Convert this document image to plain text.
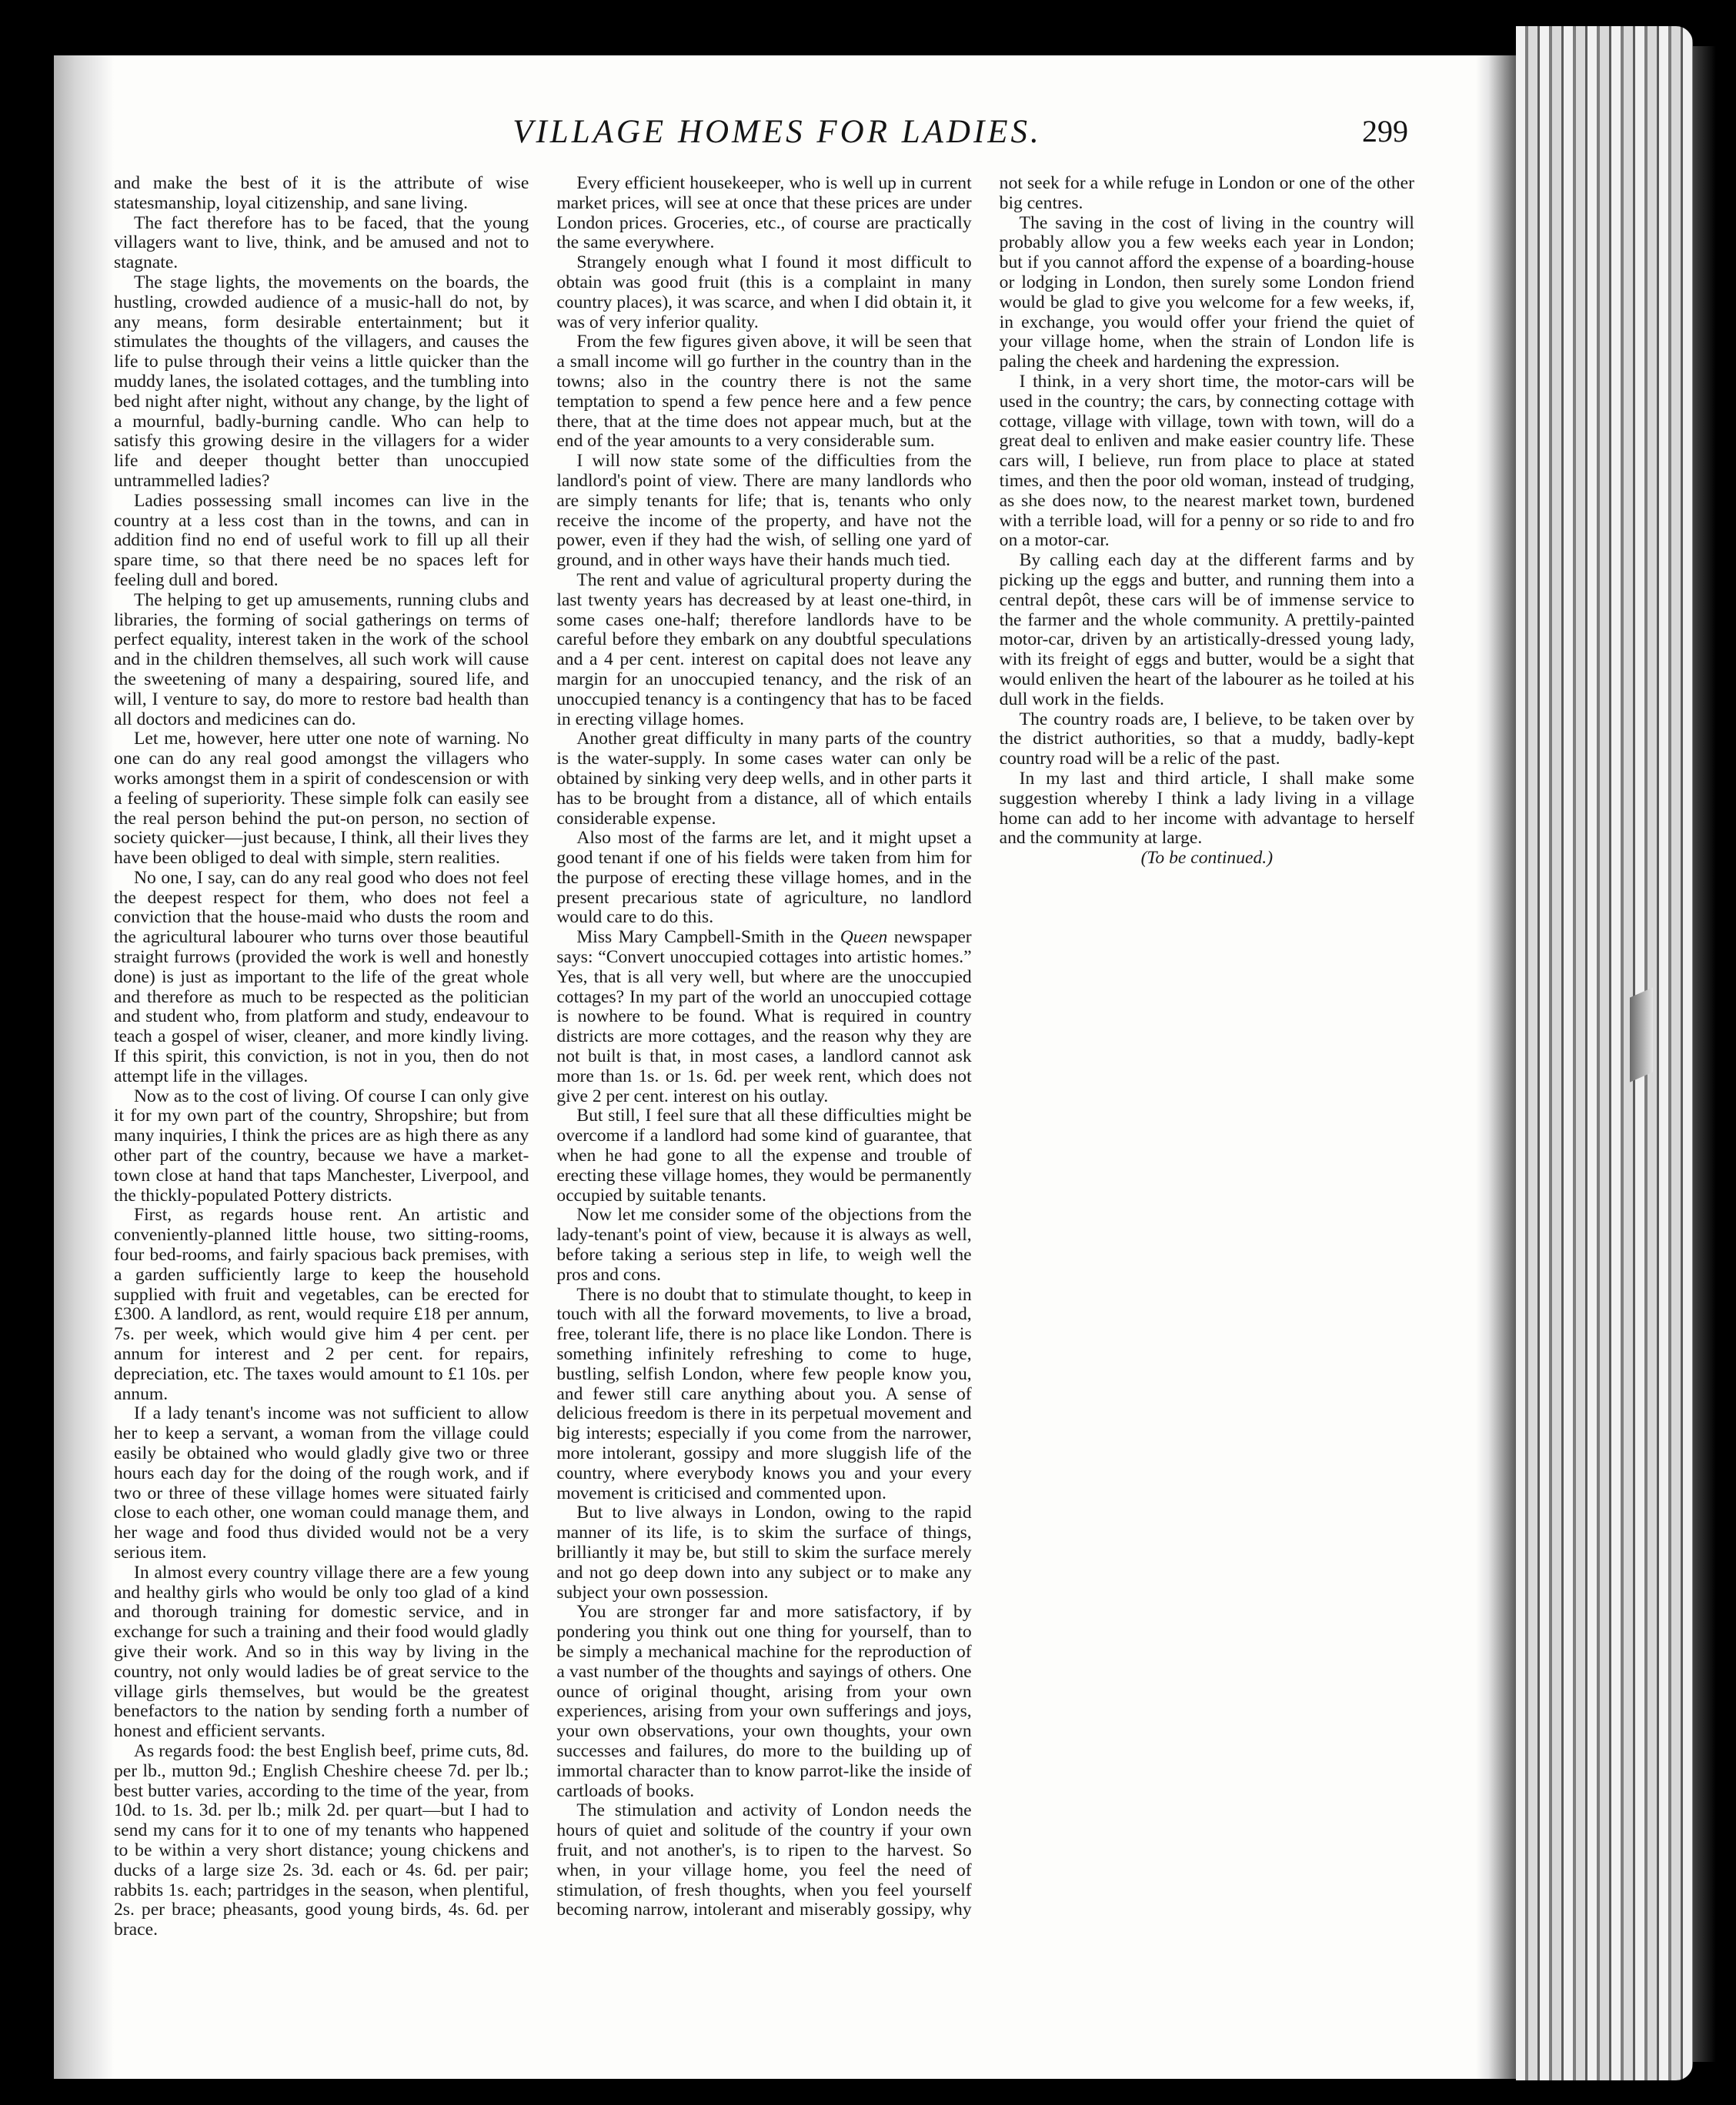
VILLAGE HOMES FOR LADIES.	299

and make the best of it is the attribute of wise statesmanship, loyal citizenship, and sane living.

The fact therefore has to be faced, that the young villagers want to live, think, and be amused and not to stagnate.

The stage lights, the movements on the boards, the hustling, crowded audience of a music-hall do not, by any means, form desirable entertainment; but it stimulates the thoughts of the villagers, and causes the life to pulse through their veins a little quicker than the muddy lanes, the isolated cottages, and the tumbling into bed night after night, without any change, by the light of a mournful, badly-burning candle. Who can help to satisfy this growing desire in the villagers for a wider life and deeper thought better than unoccupied untrammelled ladies?

Ladies possessing small incomes can live in the country at a less cost than in the towns, and can in addition find no end of useful work to fill up all their spare time, so that there need be no spaces left for feeling dull and bored.

The helping to get up amusements, running clubs and libraries, the forming of social gatherings on terms of perfect equality, interest taken in the work of the school and in the children themselves, all such work will cause the sweetening of many a despairing, soured life, and will, I venture to say, do more to restore bad health than all doctors and medicines can do.

Let me, however, here utter one note of warning. No one can do any real good amongst the villagers who works amongst them in a spirit of condescension or with a feeling of superiority. These simple folk can easily see the real person behind the put-on person, no section of society quicker—just because, I think, all their lives they have been obliged to deal with simple, stern realities.

No one, I say, can do any real good who does not feel the deepest respect for them, who does not feel a conviction that the house-maid who dusts the room and the agricultural labourer who turns over those beautiful straight furrows (provided the work is well and honestly done) is just as important to the life of the great whole and therefore as much to be respected as the politician and student who, from platform and study, endeavour to teach a gospel of wiser, cleaner, and more kindly living. If this spirit, this conviction, is not in you, then do not attempt life in the villages.

Now as to the cost of living. Of course I can only give it for my own part of the country, Shropshire; but from many inquiries, I think the prices are as high there as any other part of the country, because we have a market-town close at hand that taps Manchester, Liverpool, and the thickly-populated Pottery districts.

First, as regards house rent. An artistic and conveniently-planned little house, two sitting-rooms, four bed-rooms, and fairly spacious back premises, with a garden sufficiently large to keep the household supplied with fruit and vegetables, can be erected for £300. A landlord, as rent, would require £18 per annum, 7s. per week, which would give him 4 per cent. per annum for interest and 2 per cent. for repairs, depreciation, etc. The taxes would amount to £1 10s. per annum.

If a lady tenant's income was not sufficient to allow her to keep a servant, a woman from the village could easily be obtained who would gladly give two or three hours each day for the doing of the rough work, and if two or three of these village homes were situated fairly close to each other, one woman could manage them, and her wage and food thus divided would not be a very serious item.

In almost every country village there are a few young and healthy girls who would be only too glad of a kind and thorough training for domestic service, and in exchange for such a training and their food would gladly give their work. And so in this way by living in the country, not only would ladies be of great service to the village girls themselves, but would be the greatest benefactors to the nation by sending forth a number of honest and efficient servants.

As regards food: the best English beef, prime cuts, 8d. per lb., mutton 9d.; English Cheshire cheese 7d. per lb.; best butter varies, according to the time of the year, from 10d. to 1s. 3d. per lb.; milk 2d. per quart—but I had to send my cans for it to one of my tenants who happened to be within a very short distance; young chickens and ducks of a large size 2s. 3d. each or 4s. 6d. per pair; rabbits 1s. each; partridges in the season, when plentiful, 2s. per brace; pheasants, good young birds, 4s. 6d. per brace.

Every efficient housekeeper, who is well up in current market prices, will see at once that these prices are under London prices. Groceries, etc., of course are practically the same everywhere.

Strangely enough what I found it most difficult to obtain was good fruit (this is a complaint in many country places), it was scarce, and when I did obtain it, it was of very inferior quality.

From the few figures given above, it will be seen that a small income will go further in the country than in the towns; also in the country there is not the same temptation to spend a few pence here and a few pence there, that at the time does not appear much, but at the end of the year amounts to a very considerable sum.

I will now state some of the difficulties from the landlord's point of view. There are many landlords who are simply tenants for life; that is, tenants who only receive the income of the property, and have not the power, even if they had the wish, of selling one yard of ground, and in other ways have their hands much tied.

The rent and value of agricultural property during the last twenty years has decreased by at least one-third, in some cases one-half; therefore landlords have to be careful before they embark on any doubtful speculations and a 4 per cent. interest on capital does not leave any margin for an unoccupied tenancy, and the risk of an unoccupied tenancy is a contingency that has to be faced in erecting village homes.

Another great difficulty in many parts of the country is the water-supply. In some cases water can only be obtained by sinking very deep wells, and in other parts it has to be brought from a distance, all of which entails considerable expense.

Also most of the farms are let, and it might upset a good tenant if one of his fields were taken from him for the purpose of erecting these village homes, and in the present precarious state of agriculture, no landlord would care to do this.

Miss Mary Campbell-Smith in the Queen newspaper says: “Convert unoccupied cottages into artistic homes.” Yes, that is all very well, but where are the unoccupied cottages? In my part of the world an unoccupied cottage is nowhere to be found. What is required in country districts are more cottages, and the reason why they are not built is that, in most cases, a landlord cannot ask more than 1s. or 1s. 6d. per week rent, which does not give 2 per cent. interest on his outlay.

But still, I feel sure that all these difficulties might be overcome if a landlord had some kind of guarantee, that when he had gone to all the expense and trouble of erecting these village homes, they would be permanently occupied by suitable tenants.

Now let me consider some of the objections from the lady-tenant's point of view, because it is always as well, before taking a serious step in life, to weigh well the pros and cons.

There is no doubt that to stimulate thought, to keep in touch with all the forward movements, to live a broad, free, tolerant life, there is no place like London. There is something infinitely refreshing to come to huge, bustling, selfish London, where few people know you, and fewer still care anything about you. A sense of delicious freedom is there in its perpetual movement and big interests; especially if you come from the narrower, more intolerant, gossipy and more sluggish life of the country, where everybody knows you and your every movement is criticised and commented upon.

But to live always in London, owing to the rapid manner of its life, is to skim the surface of things, brilliantly it may be, but still to skim the surface merely and not go deep down into any subject or to make any subject your own possession.

You are stronger far and more satisfactory, if by pondering you think out one thing for yourself, than to be simply a mechanical machine for the reproduction of a vast number of the thoughts and sayings of others. One ounce of original thought, arising from your own experiences, arising from your own sufferings and joys, your own observations, your own thoughts, your own successes and failures, do more to the building up of immortal character than to know parrot-like the inside of cartloads of books.

The stimulation and activity of London needs the hours of quiet and solitude of the country if your own fruit, and not another's, is to ripen to the harvest. So when, in your village home, you feel the need of stimulation, of fresh thoughts, when you feel yourself becoming narrow, intolerant and miserably gossipy, why not seek for a while refuge in London or one of the other big centres.

The saving in the cost of living in the country will probably allow you a few weeks each year in London; but if you cannot afford the expense of a boarding-house or lodging in London, then surely some London friend would be glad to give you welcome for a few weeks, if, in exchange, you would offer your friend the quiet of your village home, when the strain of London life is paling the cheek and hardening the expression.

I think, in a very short time, the motor-cars will be used in the country; the cars, by connecting cottage with cottage, village with village, town with town, will do a great deal to enliven and make easier country life. These cars will, I believe, run from place to place at stated times, and then the poor old woman, instead of trudging, as she does now, to the nearest market town, burdened with a terrible load, will for a penny or so ride to and fro on a motor-car.

By calling each day at the different farms and by picking up the eggs and butter, and running them into a central depôt, these cars will be of immense service to the farmer and the whole community. A prettily-painted motor-car, driven by an artistically-dressed young lady, with its freight of eggs and butter, would be a sight that would enliven the heart of the labourer as he toiled at his dull work in the fields.

The country roads are, I believe, to be taken over by the district authorities, so that a muddy, badly-kept country road will be a relic of the past.

In my last and third article, I shall make some suggestion whereby I think a lady living in a village home can add to her income with advantage to herself and the community at large.

(To be continued.)
